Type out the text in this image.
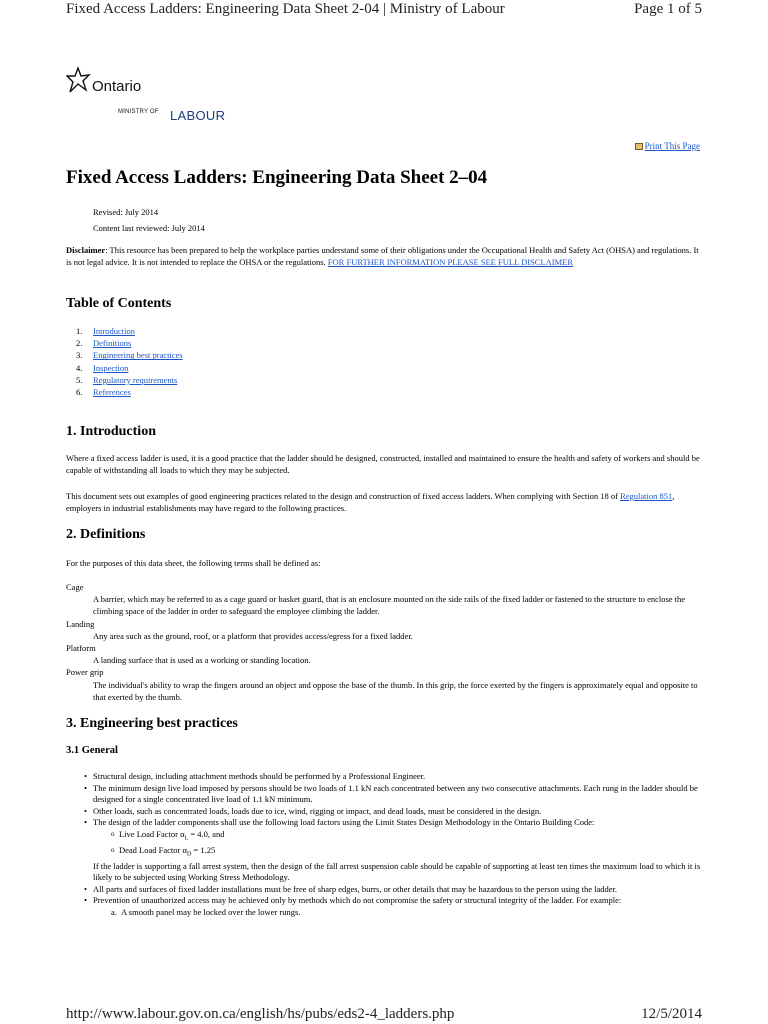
Fixed Access Ladders: Engineering Data Sheet 2-04 | Ministry of Labour	Page 1 of 5
Ontario
MINISTRY OF LABOUR
Print This Page
Fixed Access Ladders: Engineering Data Sheet 2–04
Revised: July 2014
Content last reviewed: July 2014

Disclaimer: This resource has been prepared to help the workplace parties understand some of their obligations under the Occupational Health and Safety Act (OHSA) and regulations. It is not legal advice. It is not intended to replace the OHSA or the regulations. FOR FURTHER INFORMATION PLEASE SEE FULL DISCLAIMER

Table of Contents
1.	Introduction
2.	Definitions
3.	Engineering best practices
4.	Inspection
5.	Regulatory requirements
6.	References
1. Introduction

Where a fixed access ladder is used, it is a good practice that the ladder should be designed, constructed, installed and maintained to ensure the health and safety of workers and should be capable of withstanding all loads to which they may be subjected.

This document sets out examples of good engineering practices related to the design and construction of fixed access ladders. When complying with Section 18 of Regulation 851, employers in industrial establishments may have regard to the following practices.

2. Definitions

For the purposes of this data sheet, the following terms shall be defined as:

Cage
A barrier, which may be referred to as a cage guard or basket guard, that is an enclosure mounted on the side rails of the fixed ladder or fastened to the structure to enclose the climbing space of the ladder in order to safeguard the employee climbing the ladder.
Landing
Any area such as the ground, roof, or a platform that provides access/egress for a fixed ladder.
Platform
A landing surface that is used as a working or standing location.
Power grip
The individual's ability to wrap the fingers around an object and oppose the base of the thumb. In this grip, the force exerted by the fingers is approximately equal and opposite to that exerted by the thumb.
3. Engineering best practices
3.1 General
• Structural design, including attachment methods should be performed by a Professional Engineer.
• The minimum design live load imposed by persons should be two loads of 1.1 kN each concentrated between any two consecutive attachments. Each rung in the ladder should be designed for a single concentrated live load of 1.1 kN minimum.
• Other loads, such as concentrated loads, loads due to ice, wind, rigging or impact, and dead loads, must be considered in the design.
• The design of the ladder components shall use the following load factors using the Limit States Design Methodology in the Ontario Building Code:
o Live Load Factor $\alpha_L = 4.0$, and
o Dead Load Factor $\alpha_D = 1.25$
If the ladder is supporting a fall arrest system, then the design of the fall arrest suspension cable should be capable of supporting at least ten times the maximum load to which it is likely to be subjected using Working Stress Methodology.
• All parts and surfaces of fixed ladder installations must be free of sharp edges, burrs, or other details that may be hazardous to the person using the ladder.
• Prevention of unauthorized access may be achieved only by methods which do not compromise the safety or structural integrity of the ladder. For example:
a. A smooth panel may be locked over the lower rungs.
http://www.labour.gov.on.ca/english/hs/pubs/eds2-4_ladders.php	12/5/2014
